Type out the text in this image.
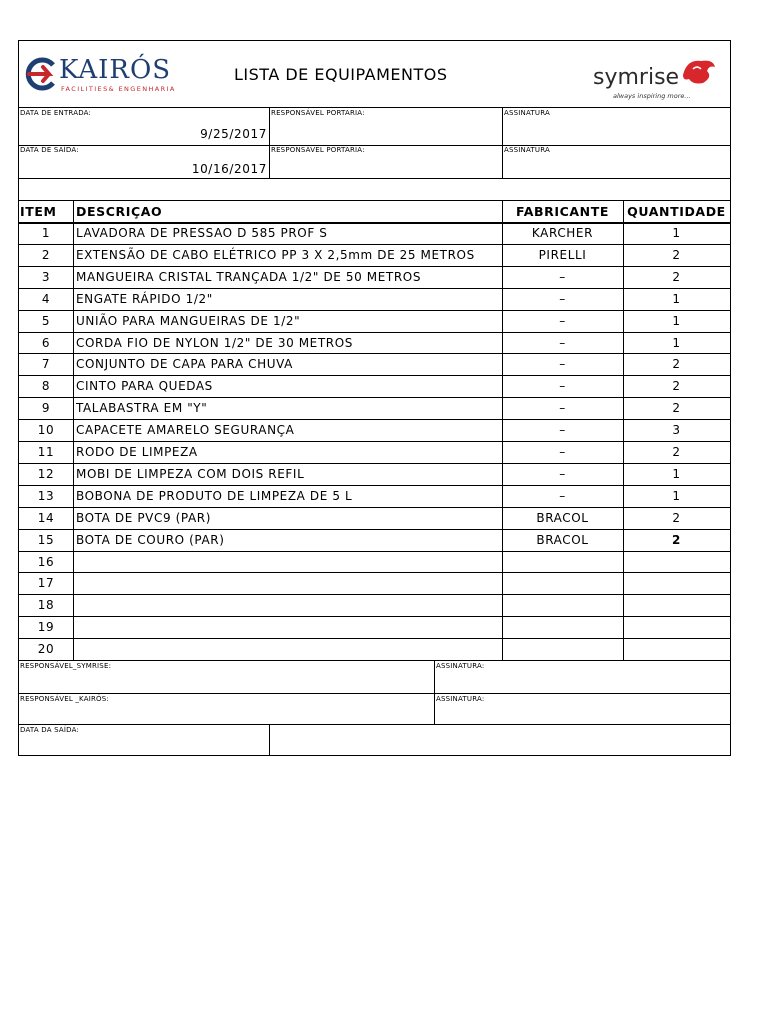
KAIRÓS
FACILITIES& ENGENHARIA
LISTA DE EQUIPAMENTOS	symrise
always inspiring more...
DATA DE ENTRADA:
9/25/2017
RESPONSÁVEL PORTARIA:	ASSINATURA
DATA DE SAÍDA:
10/16/2017
RESPONSÁVEL PORTARIA:	ASSINATURA
ITEM	DESCRIÇAO	FABRICANTE	QUANTIDADE
1	LAVADORA DE PRESSAO D 585 PROF S	KARCHER	1
2	EXTENSÃO DE CABO ELÉTRICO PP 3 X 2,5mm DE 25 METROS	PIRELLI	2
3	MANGUEIRA CRISTAL TRANÇADA 1/2" DE 50 METROS	–	2
4	ENGATE RÁPIDO 1/2"	–	1
5	UNIÃO PARA MANGUEIRAS DE 1/2"	–	1
6	CORDA FIO DE NYLON 1/2" DE 30 METROS	–	1
7	CONJUNTO DE CAPA PARA CHUVA	–	2
8	CINTO PARA QUEDAS	–	2
9	TALABASTRA EM "Y"	–	2
10	CAPACETE AMARELO SEGURANÇA	–	3
11	RODO DE LIMPEZA	–	2
12	MOBI DE LIMPEZA COM DOIS REFIL	–	1
13	BOBONA DE PRODUTO DE LIMPEZA DE 5 L	–	1
14	BOTA DE PVC9 (PAR)	BRACOL	2
15	BOTA DE COURO (PAR)	BRACOL	2
16
17
18
19
20
RESPONSÁVEL_SYMRISE:	ASSINATURA:
RESPONSÁVEL _KAIRÓS:	ASSINATURA:
DATA DA SAÍDA:
